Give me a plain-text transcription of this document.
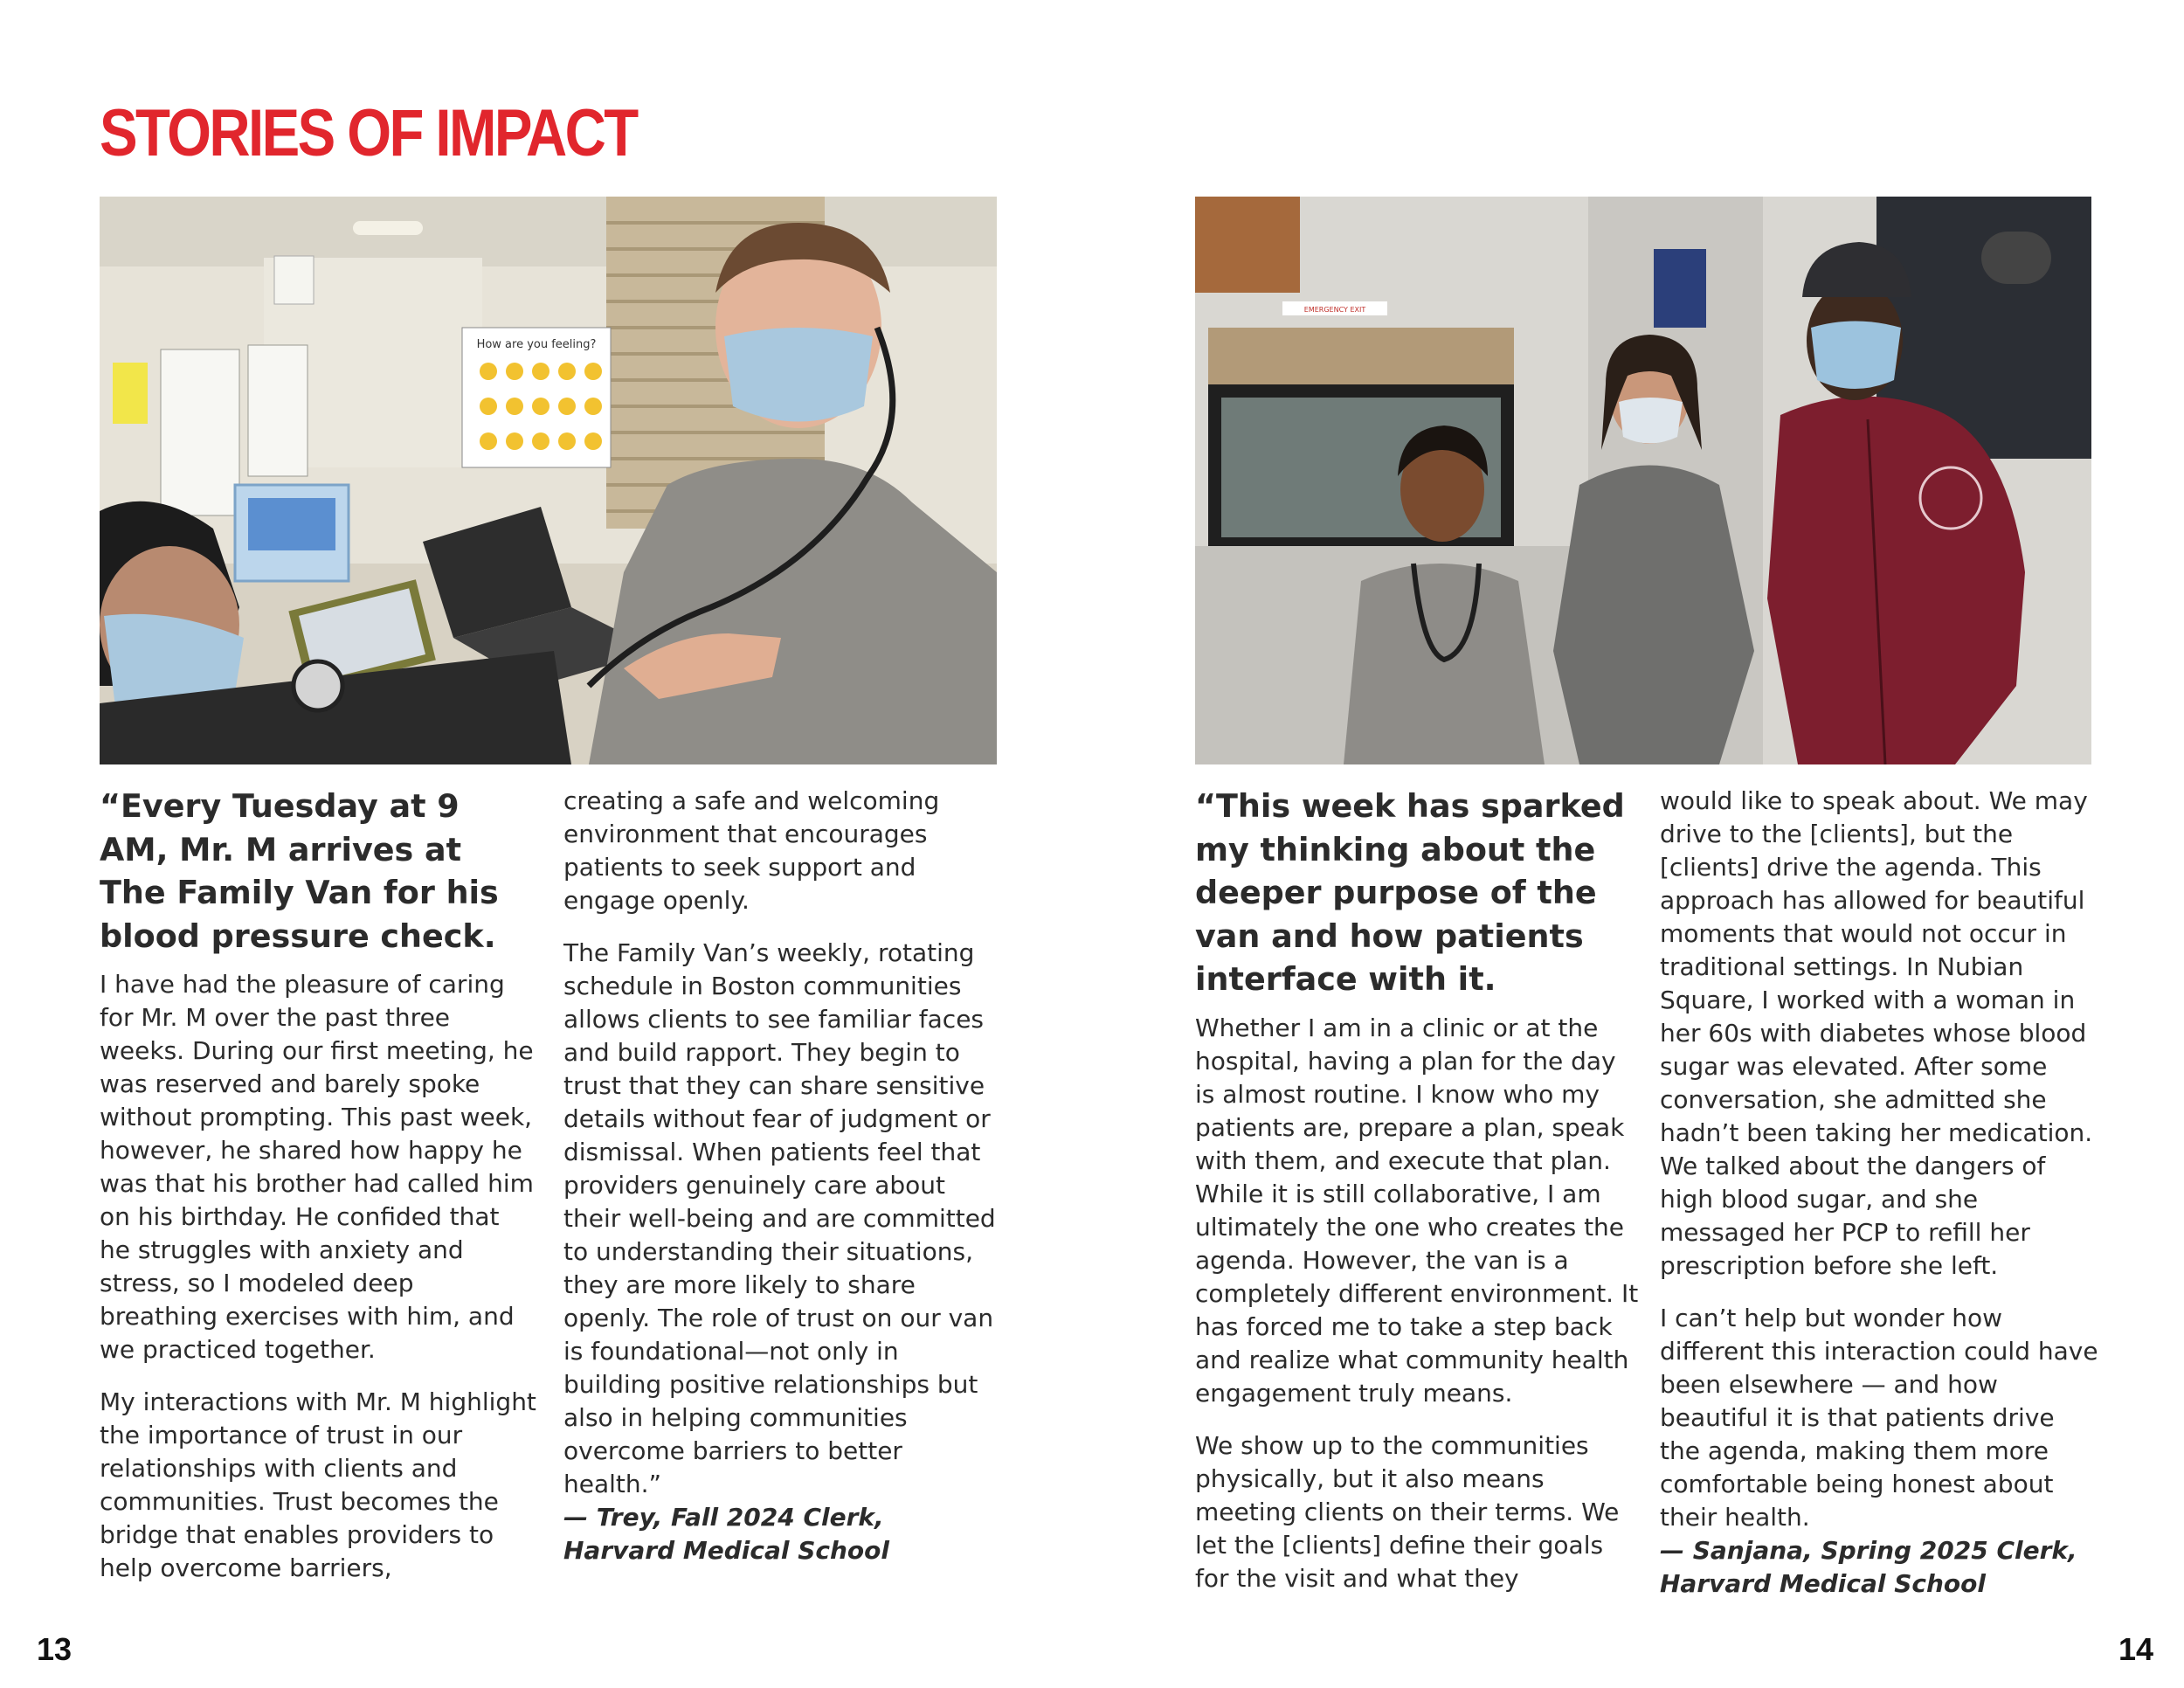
STORIES OF IMPACT
How are you feeling?
EMERGENCY EXIT

“Every Tuesday at 9 AM, Mr. M arrives at The Family Van for his blood pressure check.

I have had the pleasure of caring for Mr. M over the past three weeks. During our first meeting, he was reserved and barely spoke without prompting. This past week, however, he shared how happy he was that his brother had called him on his birthday. He confided that he struggles with anxiety and stress, so I modeled deep breathing exercises with him, and we practiced together.

My interactions with Mr. M highlight the importance of trust in our relationships with clients and communities. Trust becomes the bridge that enables providers to help overcome barriers,

creating a safe and welcoming environment that encourages patients to seek support and engage openly.

The Family Van’s weekly, rotating schedule in Boston communities allows clients to see familiar faces and build rapport. They begin to trust that they can share sensitive details without fear of judgment or dismissal. When patients feel that providers genuinely care about their well-being and are committed to understanding their situations, they are more likely to share openly. The role of trust on our van is foundational—not only in building positive relationships but also in helping communities overcome barriers to better health.”

— Trey, Fall 2024 Clerk, Harvard Medical School

“This week has sparked my thinking about the deeper purpose of the van and how patients interface with it.

Whether I am in a clinic or at the hospital, having a plan for the day is almost routine. I know who my patients are, prepare a plan, speak with them, and execute that plan. While it is still collaborative, I am ultimately the one who creates the agenda. However, the van is a completely different environment. It has forced me to take a step back and realize what community health engagement truly means.

We show up to the communities physically, but it also means meeting clients on their terms. We let the [clients] define their goals for the visit and what they

would like to speak about. We may drive to the [clients], but the [clients] drive the agenda. This approach has allowed for beautiful moments that would not occur in traditional settings. In Nubian Square, I worked with a woman in her 60s with diabetes whose blood sugar was elevated. After some conversation, she admitted she hadn’t been taking her medication. We talked about the dangers of high blood sugar, and she messaged her PCP to refill her prescription before she left.

I can’t help but wonder how different this interaction could have been elsewhere — and how beautiful it is that patients drive the agenda, making them more comfortable being honest about their health.

— Sanjana, Spring 2025 Clerk, Harvard Medical School

13	14
